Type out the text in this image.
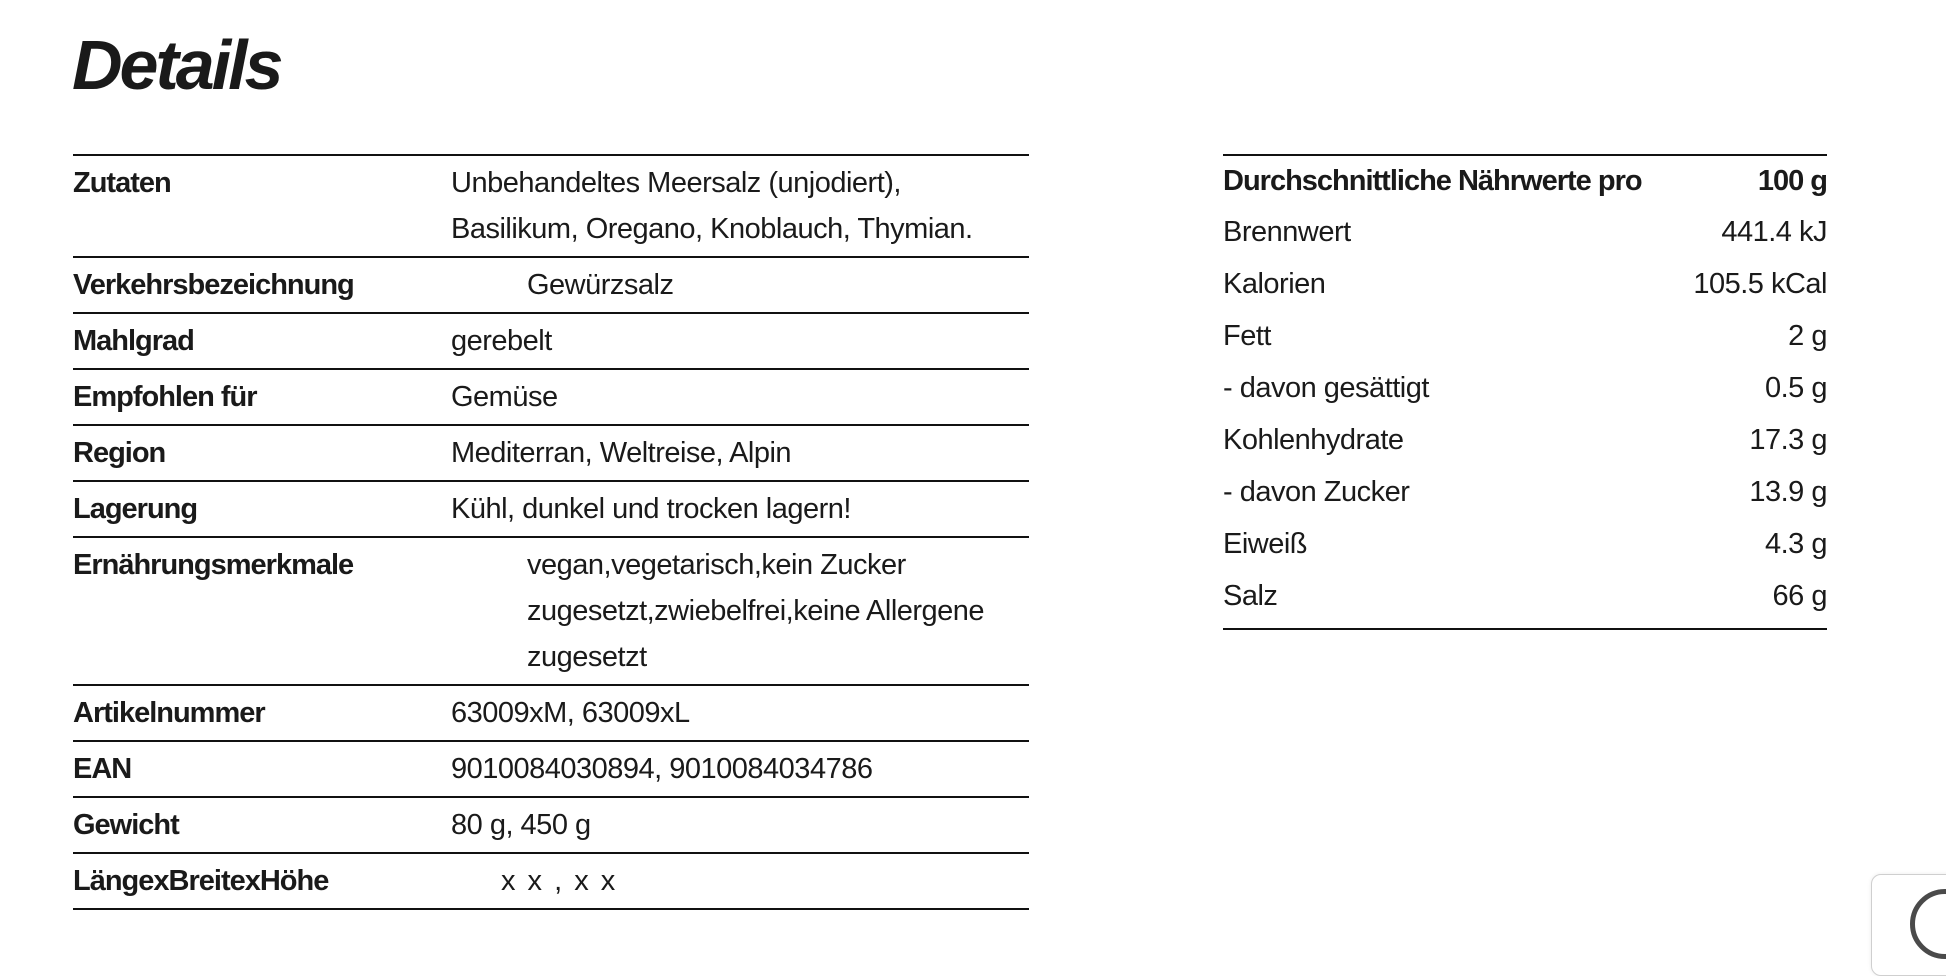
Details
Zutaten	Unbehandeltes Meersalz (unjodiert), Basilikum, Oregano, Knoblauch, Thymian.
Verkehrsbezeichnung	Gewürzsalz
Mahlgrad	gerebelt
Empfohlen für	Gemüse
Region	Mediterran, Weltreise, Alpin
Lagerung	Kühl, dunkel und trocken lagern!
Ernährungsmerkmale	vegan,vegetarisch,kein Zucker zugesetzt,zwiebelfrei,keine Allergene zugesetzt
Artikelnummer	63009xM, 63009xL
EAN	9010084030894, 9010084034786
Gewicht	80 g, 450 g
LängexBreitexHöhe	x x , x x
Durchschnittliche Nährwerte pro	100 g
Brennwert	441.4 kJ
Kalorien	105.5 kCal
Fett	2 g
- davon gesättigt	0.5 g
Kohlenhydrate	17.3 g
- davon Zucker	13.9 g
Eiweiß	4.3 g
Salz	66 g
